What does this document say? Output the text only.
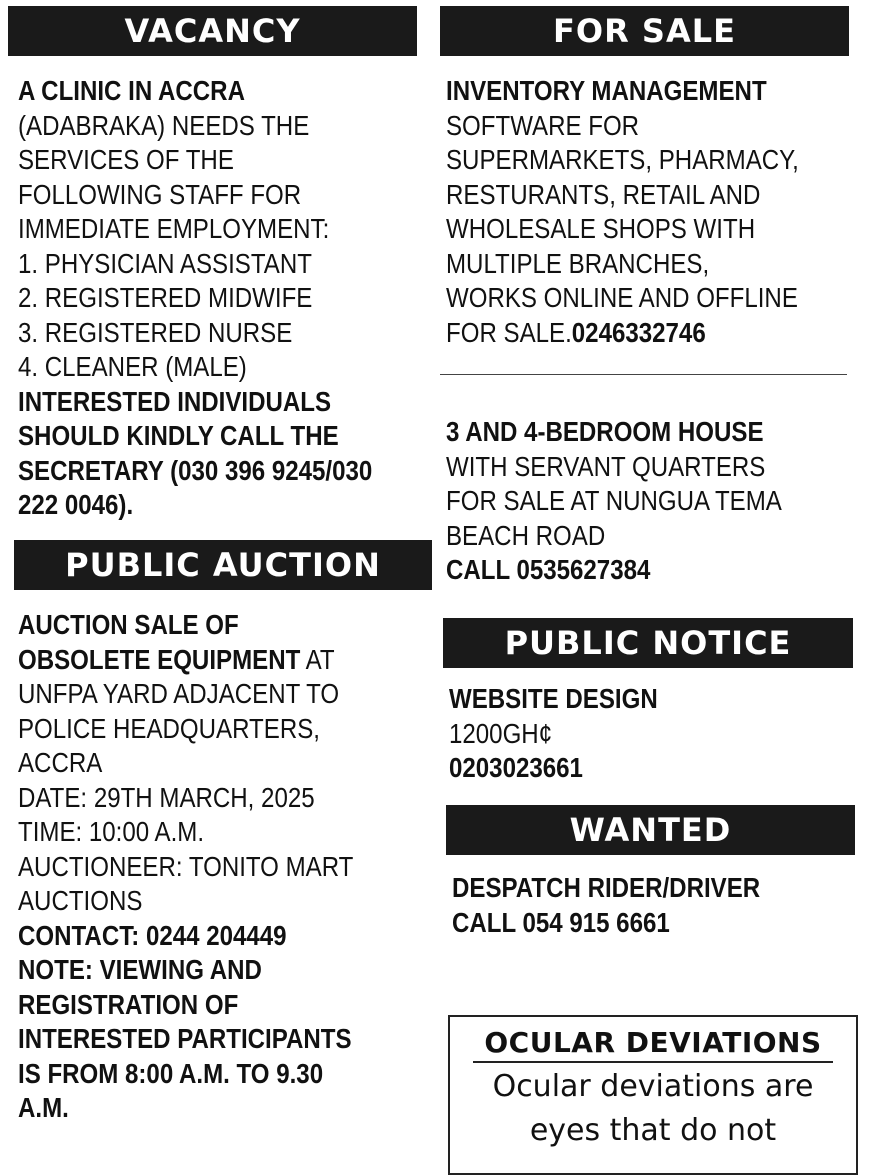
VACANCY
A CLINIC IN ACCRA
(ADABRAKA) NEEDS THE
SERVICES OF THE
FOLLOWING STAFF FOR
IMMEDIATE EMPLOYMENT:
1. PHYSICIAN ASSISTANT
2. REGISTERED MIDWIFE
3. REGISTERED NURSE
4. CLEANER (MALE)
INTERESTED INDIVIDUALS
SHOULD KINDLY CALL THE
SECRETARY (030 396 9245/030
222 0046).
PUBLIC AUCTION
AUCTION SALE OF
OBSOLETE EQUIPMENT AT
UNFPA YARD ADJACENT TO
POLICE HEADQUARTERS,
ACCRA
DATE: 29TH MARCH, 2025
TIME: 10:00 A.M.
AUCTIONEER: TONITO MART
AUCTIONS
CONTACT: 0244 204449
NOTE: VIEWING AND
REGISTRATION OF
INTERESTED PARTICIPANTS
IS FROM 8:00 A.M. TO 9.30
A.M.
FOR SALE
INVENTORY MANAGEMENT
SOFTWARE FOR
SUPERMARKETS, PHARMACY,
RESTURANTS, RETAIL AND
WHOLESALE SHOPS WITH
MULTIPLE BRANCHES,
WORKS ONLINE AND OFFLINE
FOR SALE.0246332746
3 AND 4-BEDROOM HOUSE
WITH SERVANT QUARTERS
FOR SALE AT NUNGUA TEMA
BEACH ROAD
CALL 0535627384
PUBLIC NOTICE
WEBSITE DESIGN
1200GH¢
0203023661
WANTED
DESPATCH RIDER/DRIVER
CALL 054 915 6661
OCULAR DEVIATIONS
Ocular deviations are
eyes that do not
